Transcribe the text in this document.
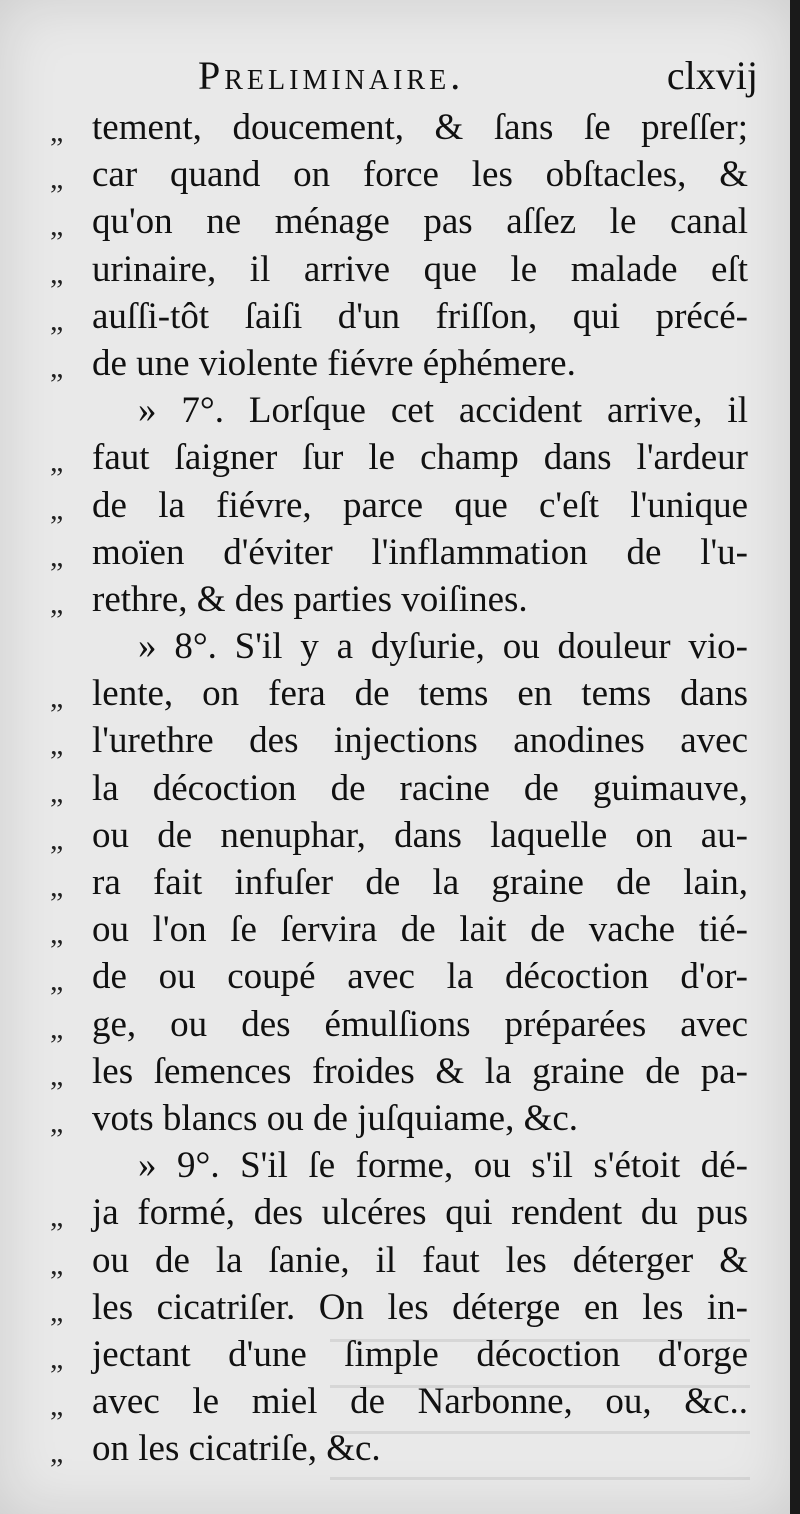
Preliminaire.	clxvij
„ tement, doucement, & ſans ſe preſſer;
„ car quand on force les obſtacles, &
„ qu'on ne ménage pas aſſez le canal
„ urinaire, il arrive que le malade eſt
„ auſſi-tôt ſaiſi d'un friſſon, qui précé-
„ de une violente fiévre éphémere.
» 7°. Lorſque cet accident arrive, il
„ faut ſaigner ſur le champ dans l'ardeur
„ de la fiévre, parce que c'eſt l'unique
„ moïen d'éviter l'inflammation de l'u-
„ rethre, & des parties voiſines.
» 8°. S'il y a dyſurie, ou douleur vio-
„ lente, on fera de tems en tems dans
„ l'urethre des injections anodines avec
„ la décoction de racine de guimauve,
„ ou de nenuphar, dans laquelle on au-
„ ra fait infuſer de la graine de lain,
„ ou l'on ſe ſervira de lait de vache tié-
„ de ou coupé avec la décoction d'or-
„ ge, ou des émulſions préparées avec
„ les ſemences froides & la graine de pa-
„ vots blancs ou de juſquiame, &c.
» 9°. S'il ſe forme, ou s'il s'étoit dé-
„ ja formé, des ulcéres qui rendent du pus
„ ou de la ſanie, il faut les déterger &
„ les cicatriſer. On les déterge en les in-
„ jectant d'une ſimple décoction d'orge
„ avec le miel de Narbonne, ou, &c..
„ on les cicatriſe, &c.
